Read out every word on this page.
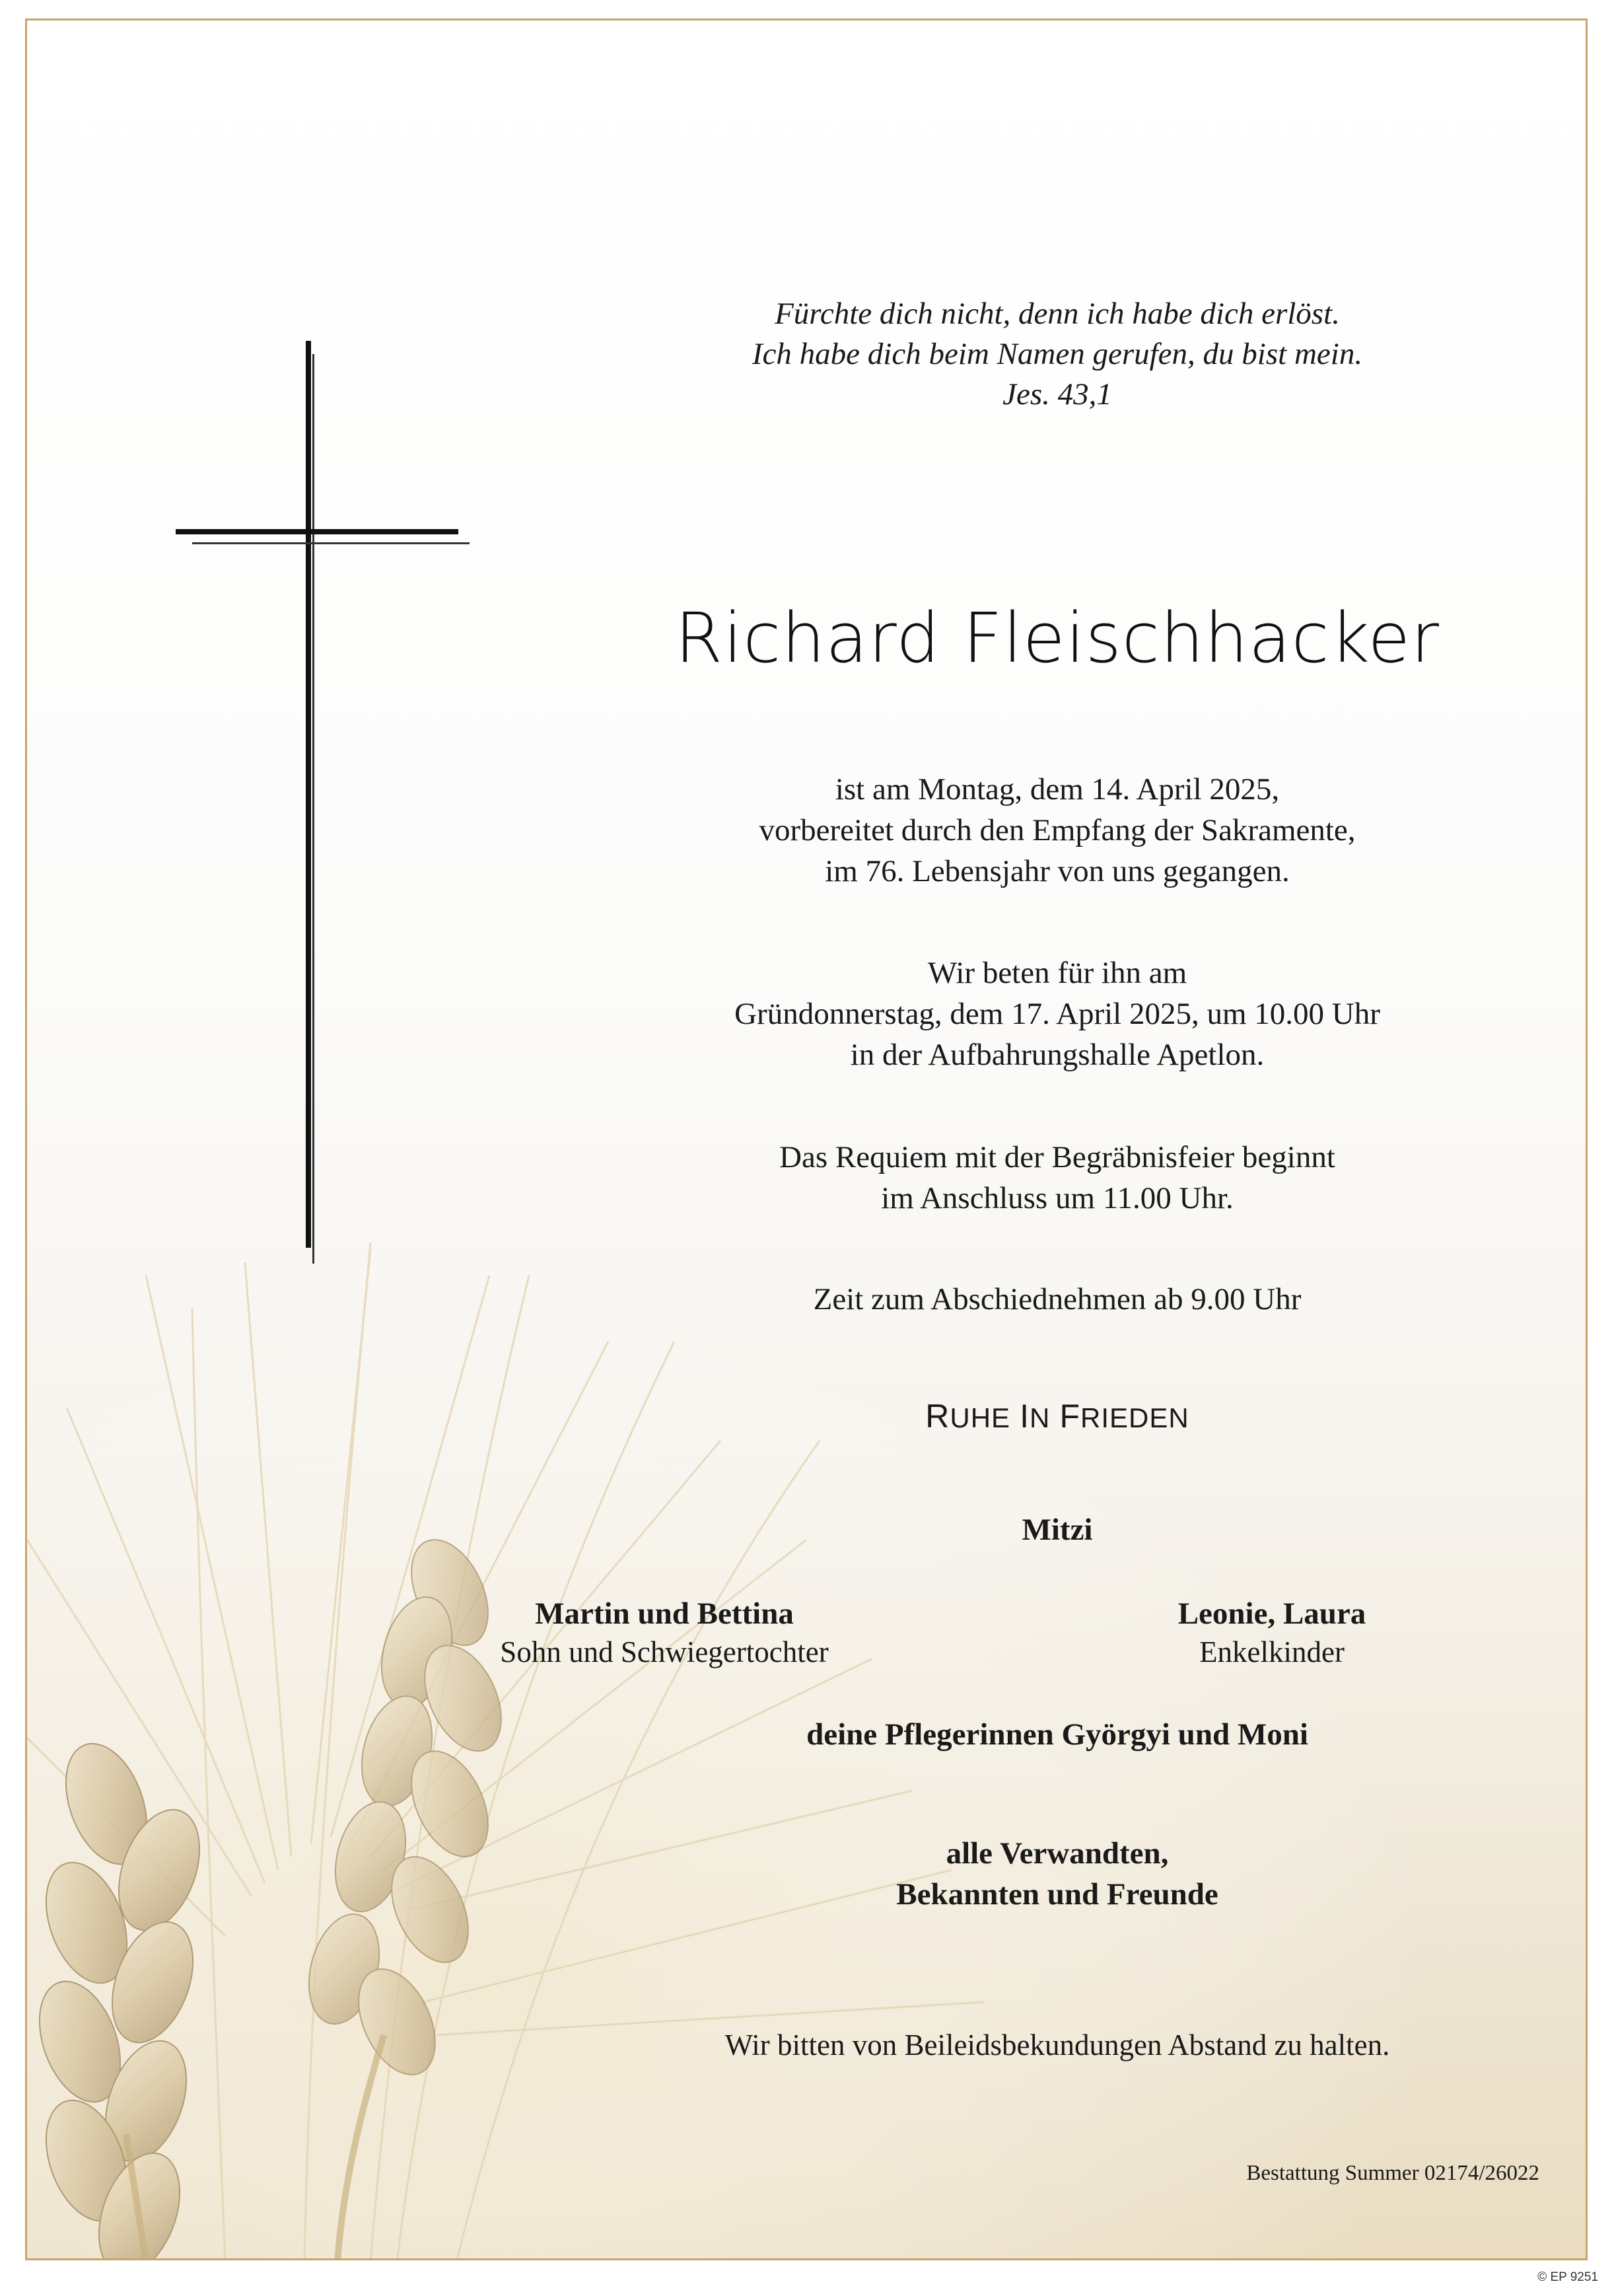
Fürchte dich nicht, denn ich habe dich erlöst.
Ich habe dich beim Namen gerufen, du bist mein.
Jes. 43,1
Richard Fleischhacker
ist am Montag, dem 14. April 2025,
vorbereitet durch den Empfang der Sakramente,
im 76. Lebensjahr von uns gegangen.
Wir beten für ihn am
Gründonnerstag, dem 17. April 2025, um 10.00 Uhr
in der Aufbahrungshalle Apetlon.
Das Requiem mit der Begräbnisfeier beginnt
im Anschluss um 11.00 Uhr.
Zeit zum Abschiednehmen ab 9.00 Uhr
RUHE IN FRIEDEN
Mitzi
Martin und Bettina
Sohn und Schwiegertochter
Leonie, Laura
Enkelkinder
deine Pflegerinnen Györgyi und Moni
alle Verwandten,
Bekannten und Freunde
Wir bitten von Beileidsbekundungen Abstand zu halten.
Bestattung Summer 02174/26022
© EP 9251
